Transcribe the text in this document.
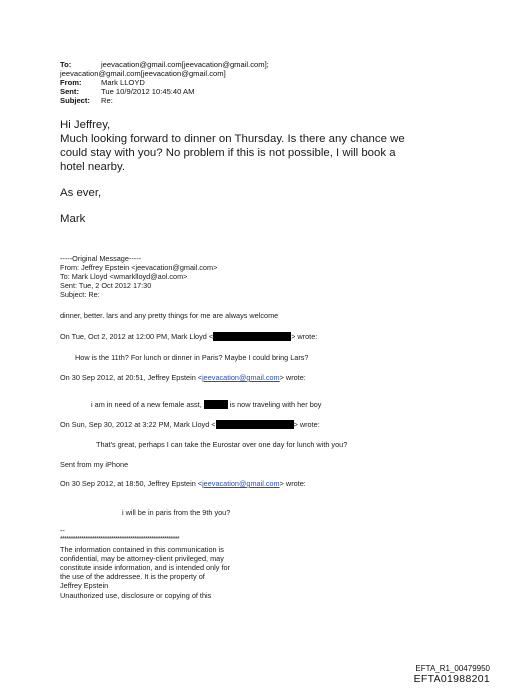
To:	jeevacation@gmail.com[jeevacation@gmail.com];
jeevacation@gmail.com[jeevacation@gmail.com]
From:	Mark LLOYD
Sent:	Tue 10/9/2012 10:45:40 AM
Subject: Re:
Hi Jeffrey,
Much looking forward to dinner on Thursday. Is there any chance we
could stay with you? No problem if this is not possible, I will book a
hotel nearby.
As ever,
Mark
-----Original Message-----
From: Jeffrey Epstein <jeevacation@gmail.com>
To: Mark Lloyd <wmarklloyd@aol.com>
Sent: Tue, 2 Oct 2012 17:30
Subject: Re:
dinner, better. lars and any pretty things for me are always welcome
On Tue, Oct 2, 2012 at 12:00 PM, Mark Lloyd <	> wrote:
How is the 11th? For lunch or dinner in Paris? Maybe I could bring Lars?
On 30 Sep 2012, at 20:51, Jeffrey Epstein <jeevacation@gmail.com> wrote:
i am in need of a new female asst,	is now traveling with her boy
On Sun, Sep 30, 2012 at 3:22 PM, Mark Lloyd <	> wrote:
That's great, perhaps I can take the Eurostar over one day for lunch with you?
Sent from my iPhone
On 30 Sep 2012, at 18:50, Jeffrey Epstein <jeevacation@gmail.com> wrote:
i will be in paris from the 9th you?
--
********************************************************
The information contained in this communication is
confidential, may be attorney-client privileged, may
constitute inside information, and is intended only for
the use of the addressee. It is the property of
Jeffrey Epstein
Unauthorized use, disclosure or copying of this
EFTA_R1_00479950
EFTA01988201
